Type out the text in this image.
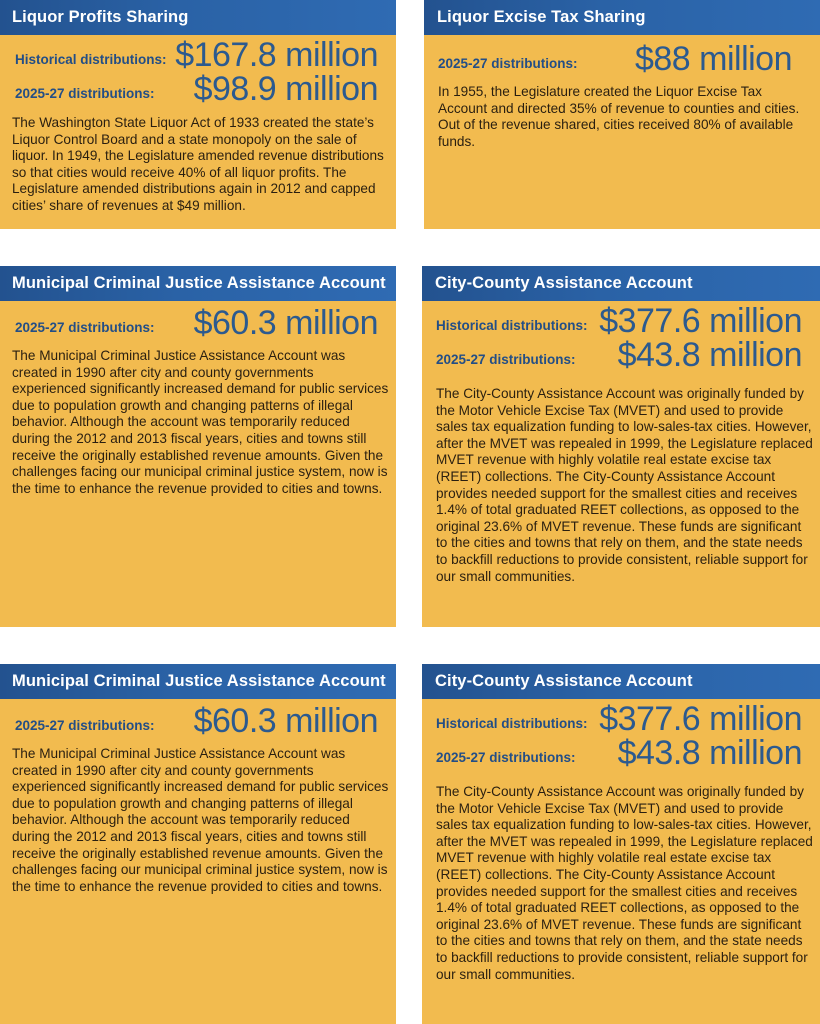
Liquor Profits Sharing
Historical distributions: $167.8 million
2025-27 distributions: $98.9 million

The Washington State Liquor Act of 1933 created the state’s Liquor Control Board and a state monopoly on the sale of liquor. In 1949, the Legislature amended revenue distributions so that cities would receive 40% of all liquor profits. The Legislature amended distributions again in 2012 and capped cities’ share of revenues at $49 million.

Liquor Excise Tax Sharing
2025-27 distributions: $88 million

In 1955, the Legislature created the Liquor Excise Tax Account and directed 35% of revenue to counties and cities. Out of the revenue shared, cities received 80% of available funds.

Municipal Criminal Justice Assistance Account
2025-27 distributions: $60.3 million

The Municipal Criminal Justice Assistance Account was created in 1990 after city and county governments experienced significantly increased demand for public services due to population growth and changing patterns of illegal behavior. Although the account was temporarily reduced during the 2012 and 2013 fiscal years, cities and towns still receive the originally established revenue amounts. Given the challenges facing our municipal criminal justice system, now is the time to enhance the revenue provided to cities and towns.

City-County Assistance Account
Historical distributions: $377.6 million
2025-27 distributions: $43.8 million

The City-County Assistance Account was originally funded by the Motor Vehicle Excise Tax (MVET) and used to provide sales tax equalization funding to low-sales-tax cities. However, after the MVET was repealed in 1999, the Legislature replaced MVET revenue with highly volatile real estate excise tax (REET) collections. The City-County Assistance Account provides needed support for the smallest cities and receives 1.4% of total graduated REET collections, as opposed to the original 23.6% of MVET revenue. These funds are significant to the cities and towns that rely on them, and the state needs to backfill reductions to provide consistent, reliable support for our small communities.

Municipal Criminal Justice Assistance Account
2025-27 distributions: $60.3 million

The Municipal Criminal Justice Assistance Account was created in 1990 after city and county governments experienced significantly increased demand for public services due to population growth and changing patterns of illegal behavior. Although the account was temporarily reduced during the 2012 and 2013 fiscal years, cities and towns still receive the originally established revenue amounts. Given the challenges facing our municipal criminal justice system, now is the time to enhance the revenue provided to cities and towns.

City-County Assistance Account
Historical distributions: $377.6 million
2025-27 distributions: $43.8 million

The City-County Assistance Account was originally funded by the Motor Vehicle Excise Tax (MVET) and used to provide sales tax equalization funding to low-sales-tax cities. However, after the MVET was repealed in 1999, the Legislature replaced MVET revenue with highly volatile real estate excise tax (REET) collections. The City-County Assistance Account provides needed support for the smallest cities and receives 1.4% of total graduated REET collections, as opposed to the original 23.6% of MVET revenue. These funds are significant to the cities and towns that rely on them, and the state needs to backfill reductions to provide consistent, reliable support for our small communities.
